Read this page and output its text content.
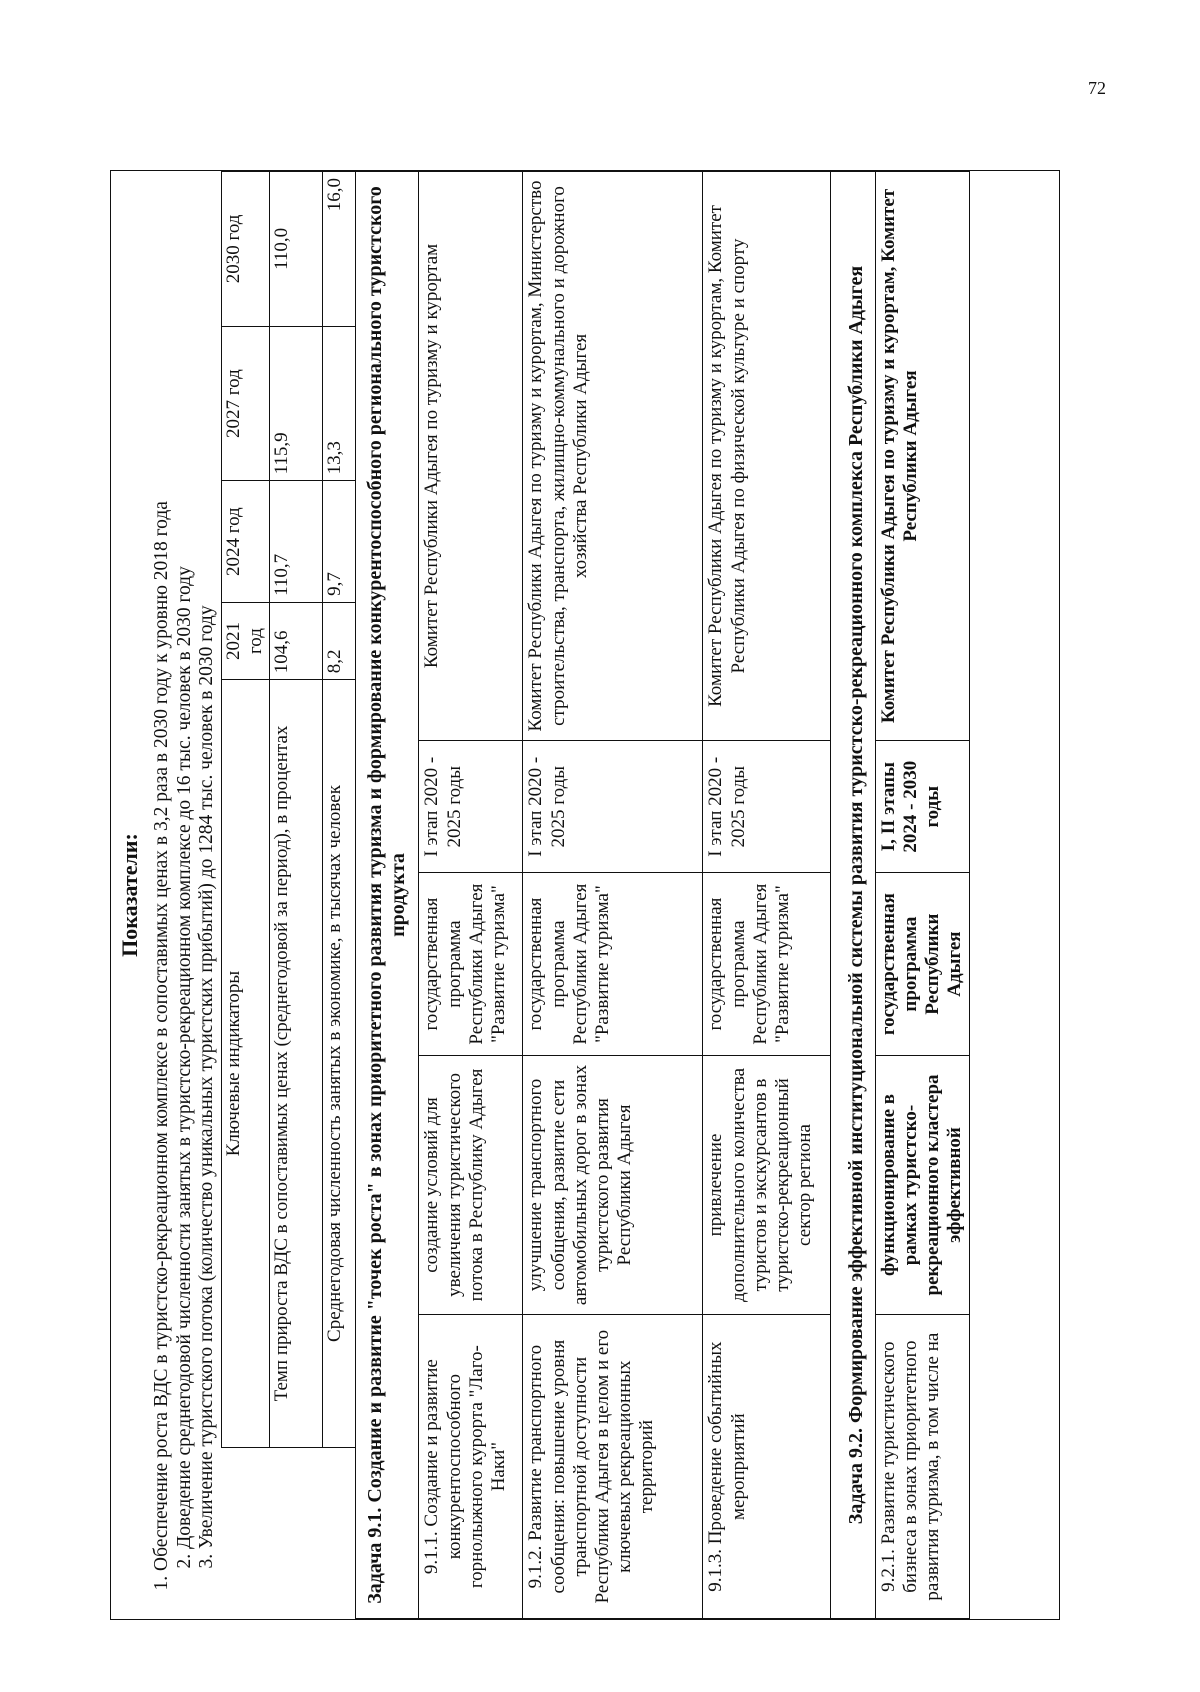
72
Показатели: 1. Обеспечение роста ВДС в туристско-рекреационном комплексе в сопоставимых ценах в 3,2 раза в 2030 году к уровню 2018 года 2. Доведение среднегодовой численности занятых в туристско-рекреационном комплексе до 16 тыс. человек в 2030 году 3. Увеличение туристского потока (количество уникальных туристских прибытий) до 1284 тыс. человек в 2030 году									

	Ключевые индикаторы					2021 год	2024 год	2027 год	2030 год
	Темп прироста ВДС в сопоставимых ценах (среднегодовой за период), в процентах					104,6	110,7	115,9	110,0
	Среднегодовая численность занятых в экономике, в тысячах человек					8,2	9,7	13,3	16,0
Задача 9.1. Создание и развитие "точек роста" в зонах приоритетного развития туризма и формирование конкурентоспособного регионального туристского продукта									
9.1.1. Создание и развитие конкурентоспособного горнолыжного курорта "Лаго-Наки"		создание условий для увеличения туристического потока в Республику Адыгея	государственная программа Республики Адыгея "Развитие туризма"	I этап 2020 - 2025 годы	Комитет Республики Адыгея по туризму и курортам				
9.1.2. Развитие транспортного сообщения: повышение уровня транспортной доступности Республики Адыгея в целом и его ключевых рекреационных территорий		улучшение транспортного сообщения, развитие сети автомобильных дорог в зонах туристского развития Республики Адыгея	государственная программа Республики Адыгея "Развитие туризма"	I этап 2020 - 2025 годы	Комитет Республики Адыгея по туризму и курортам, Министерство строительства, транспорта, жилищно-коммунального и дорожного хозяйства Республики Адыгея				
9.1.3. Проведение событийных мероприятий		привлечение дополнительного количества туристов и экскурсантов в туристско-рекреационный сектор региона	государственная программа Республики Адыгея "Развитие туризма"	I этап 2020 - 2025 годы	Комитет Республики Адыгея по туризму и курортам, Комитет Республики Адыгея по физической культуре и спорту				
Задача 9.2. Формирование эффективной институциональной системы развития туристско-рекреационного комплекса Республики Адыгея									
9.2.1. Развитие туристического бизнеса в зонах приоритетного развития туризма, в том числе на		функционирование в рамках туристско-рекреационного кластера эффективной	государственная программа Республики Адыгея	I, II этапы 2024 - 2030 годы	Комитет Республики Адыгея по туризму и курортам, Комитет Республики Адыгея				
